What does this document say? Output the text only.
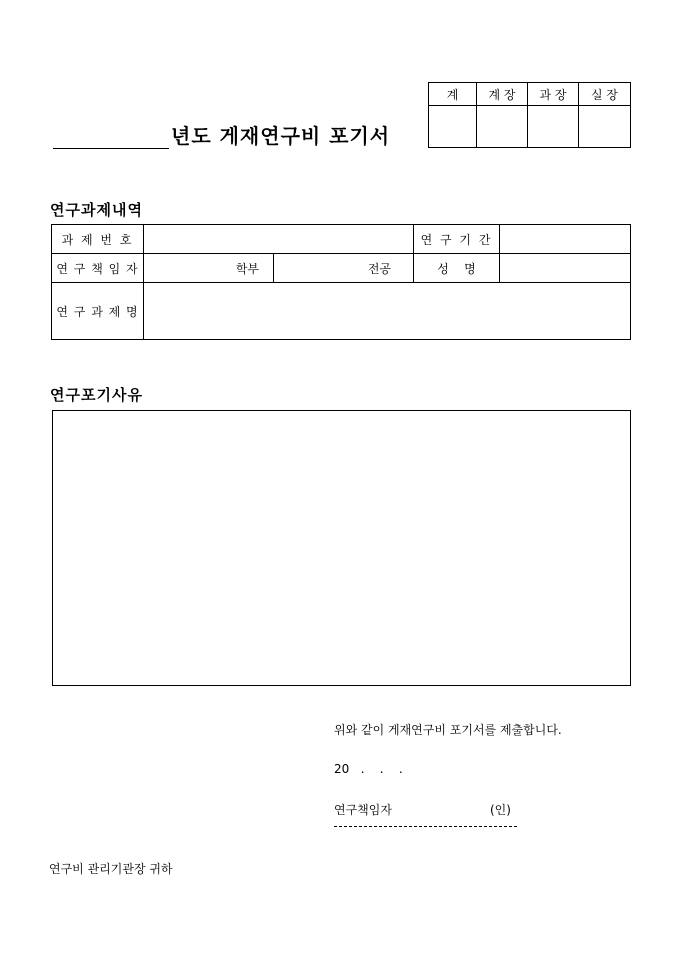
계	계 장	과 장	실 장

년도 게재연구비 포기서
연구과제내역
과 제 번 호			연 구 기 간	
연 구 책 임 자	학부	전공	성    명	
연 구 과 제 명				
연구포기사유
위와 같이 게재연구비 포기서를 제출합니다.
20   .    .    .
연구책임자	(인)
연구비 관리기관장 귀하
